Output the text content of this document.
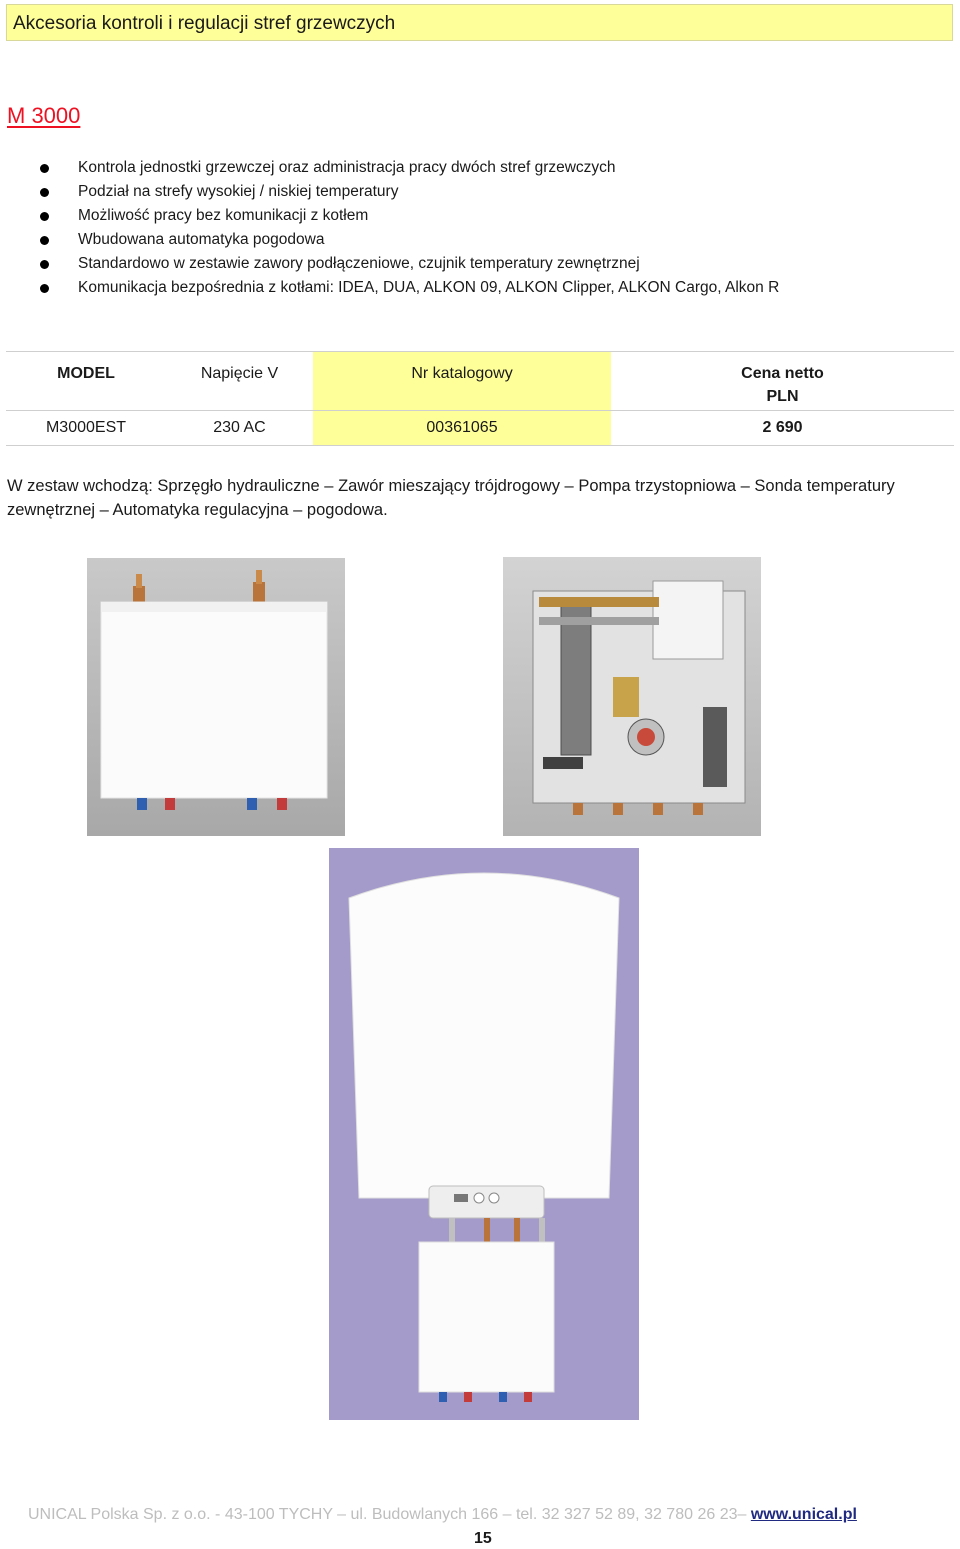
Akcesoria kontroli i regulacji stref grzewczych
M 3000
Kontrola jednostki grzewczej oraz administracja pracy dwóch stref grzewczych
Podział na strefy wysokiej / niskiej temperatury
Możliwość pracy bez komunikacji z kotłem
Wbudowana automatyka pogodowa
Standardowo w zestawie zawory podłączeniowe, czujnik temperatury zewnętrznej
Komunikacja bezpośrednia z kotłami: IDEA, DUA, ALKON 09, ALKON Clipper, ALKON Cargo, Alkon R
MODEL	Napięcie V	Nr katalogowy	Cena netto
PLN
M3000EST	230 AC	00361065	2 690
W zestaw wchodzą: Sprzęgło hydrauliczne – Zawór mieszający trójdrogowy – Pompa trzystopniowa – Sonda temperatury zewnętrznej – Automatyka regulacyjna – pogodowa.
UNICAL Polska Sp. z o.o. - 43-100 TYCHY – ul. Budowlanych 166 – tel. 32 327 52 89, 32 780 26 23– www.unical.pl
15
